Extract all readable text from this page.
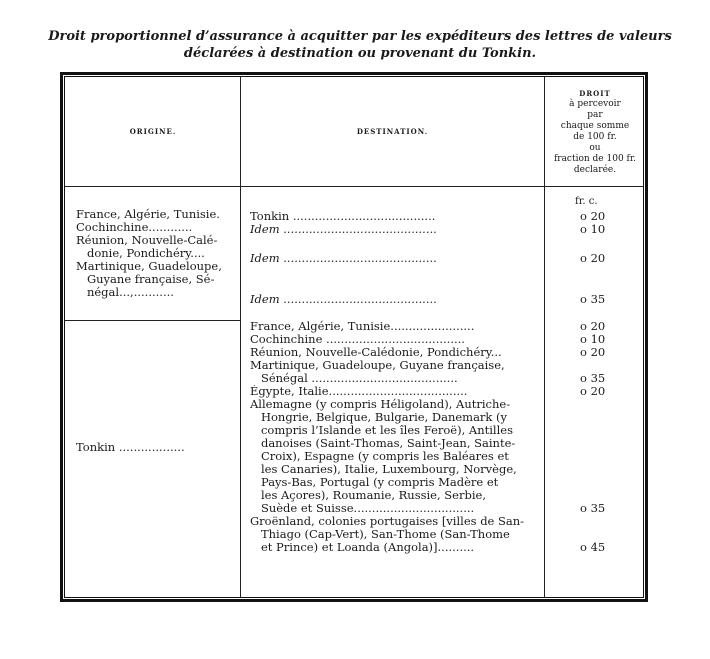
Droit proportionnel d’assurance à acquitter par les expéditeurs des lettres de valeurs
déclarées à destination ou provenant du Tonkin.
ORIGINE.	DESTINATION.
DROIT
à percevoir
par
chaque somme
de 100 fr.
ou
fraction de 100 fr.
declarée.
fr. c.
France, Algérie, Tunisie.
Cochinchine............
Réunion, Nouvelle-Calé-
donie, Pondichéry....
Martinique, Guadeloupe,
Guyane française, Sé-
négal...,...........
Tonkin .......................................
Idem ..........................................
Idem ..........................................
Idem ..........................................
o 20
o 10
o 20
o 35
Tonkin ..................
France, Algérie, Tunisie.......................
Cochinchine ......................................
Réunion, Nouvelle-Calédonie, Pondichéry...
Martinique, Guadeloupe, Guyane française,
Sénégal ........................................
Égypte, Italie......................................
Allemagne (y compris Héligoland), Autriche-
Hongrie, Belgique, Bulgarie, Danemark (y
compris l’Islande et les îles Feroë), Antilles
danoises (Saint-Thomas, Saint-Jean, Sainte-
Croix), Espagne (y compris les Baléares et
les Canaries), Italie, Luxembourg, Norvège,
Pays-Bas, Portugal (y compris Madère et
les Açores), Roumanie, Russie, Serbie,
Suède et Suisse.................................
Groënland, colonies portugaises [villes de San-
Thiago (Cap-Vert), San-Thome (San-Thome
et Prince) et Loanda (Angola)]..........
o 20
o 10
o 20
o 35
o 20
o 35
o 45
